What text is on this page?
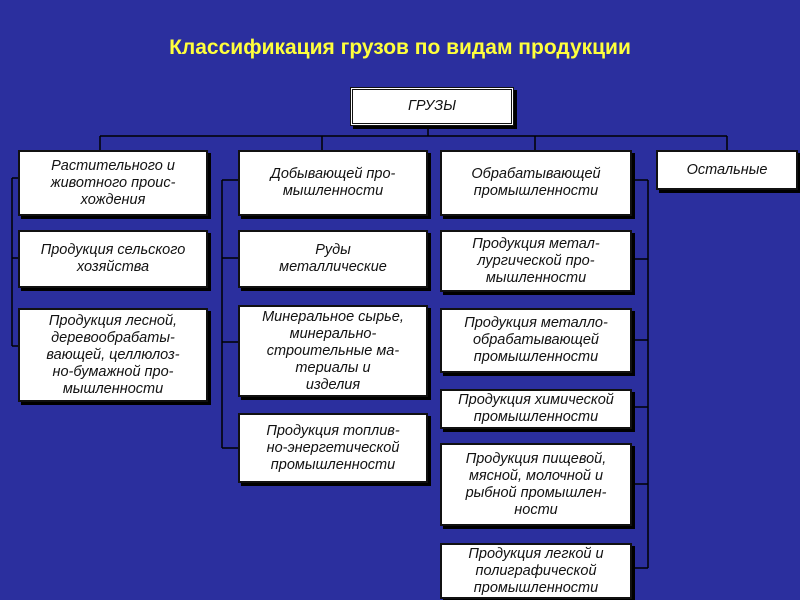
Классификация грузов по видам продукции
ГРУЗЫ
Растительного и
животного проис-
хождения
Добывающей про-
мышленности
Обрабатывающей
промышленности
Остальные
Продукция сельского
хозяйства
Продукция лесной,
деревообрабаты-
вающей, целлюлоз-
но-бумажной про-
мышленности
Руды
металлические
Минеральное сырье,
минерально-
строительные ма-
териалы и
изделия
Продукция топлив-
но-энергетической
промышленности
Продукция метал-
лургической про-
мышленности
Продукция металло-
обрабатывающей
промышленности
Продукция химической
промышленности
Продукция пищевой,
мясной, молочной и
рыбной промышлен-
ности
Продукция легкой и
полиграфической
промышленности
